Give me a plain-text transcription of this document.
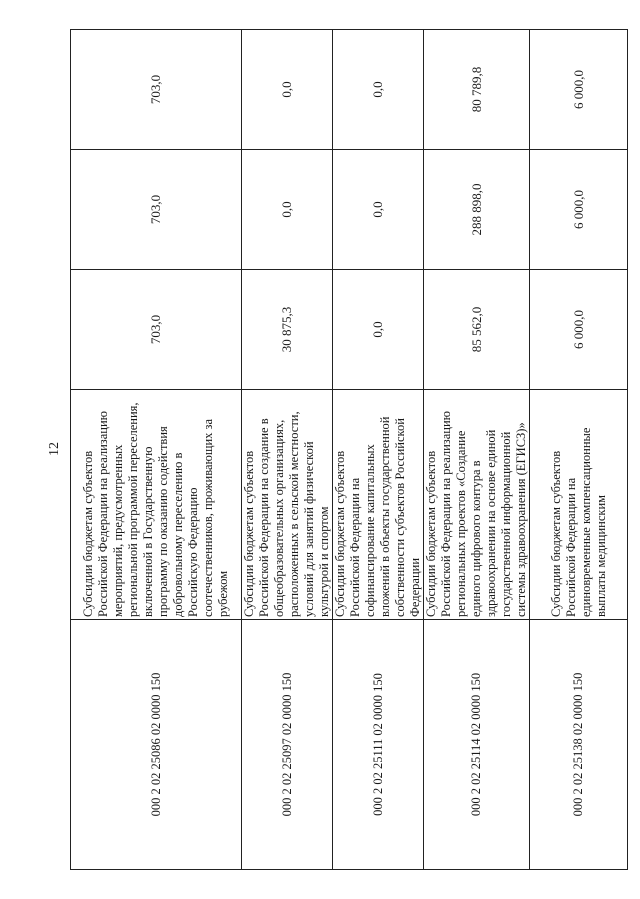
12
000 2 02 25086 02 0000 150	Субсидии бюджетам субъектов Российской Федерации на реализацию мероприятий, предусмотренных региональной программой переселения, включенной в Государственную программу по оказанию содействия добровольному переселению в Российскую Федерацию соотечественников, проживающих за рубежом	703,0	703,0	703,0
000 2 02 25097 02 0000 150	Субсидии бюджетам субъектов Российской Федерации на создание в общеобразовательных организациях, расположенных в сельской местности, условий для занятий физической культурой и спортом	30 875,3	0,0	0,0
000 2 02 25111 02 0000 150	Субсидии бюджетам субъектов Российской Федерации на софинансирование капитальных вложений в объекты государственной собственности субъектов Российской Федерации	0,0	0,0	0,0
000 2 02 25114 02 0000 150	Субсидии бюджетам субъектов Российской Федерации на реализацию региональных проектов «Создание единого цифрового контура в здравоохранении на основе единой государственной информационной системы здравоохранения (ЕГИСЗ)»	85 562,0	288 898,0	80 789,8
000 2 02 25138 02 0000 150	Субсидии бюджетам субъектов Российской Федерации на единовременные компенсационные выплаты медицинским	6 000,0	6 000,0	6 000,0
